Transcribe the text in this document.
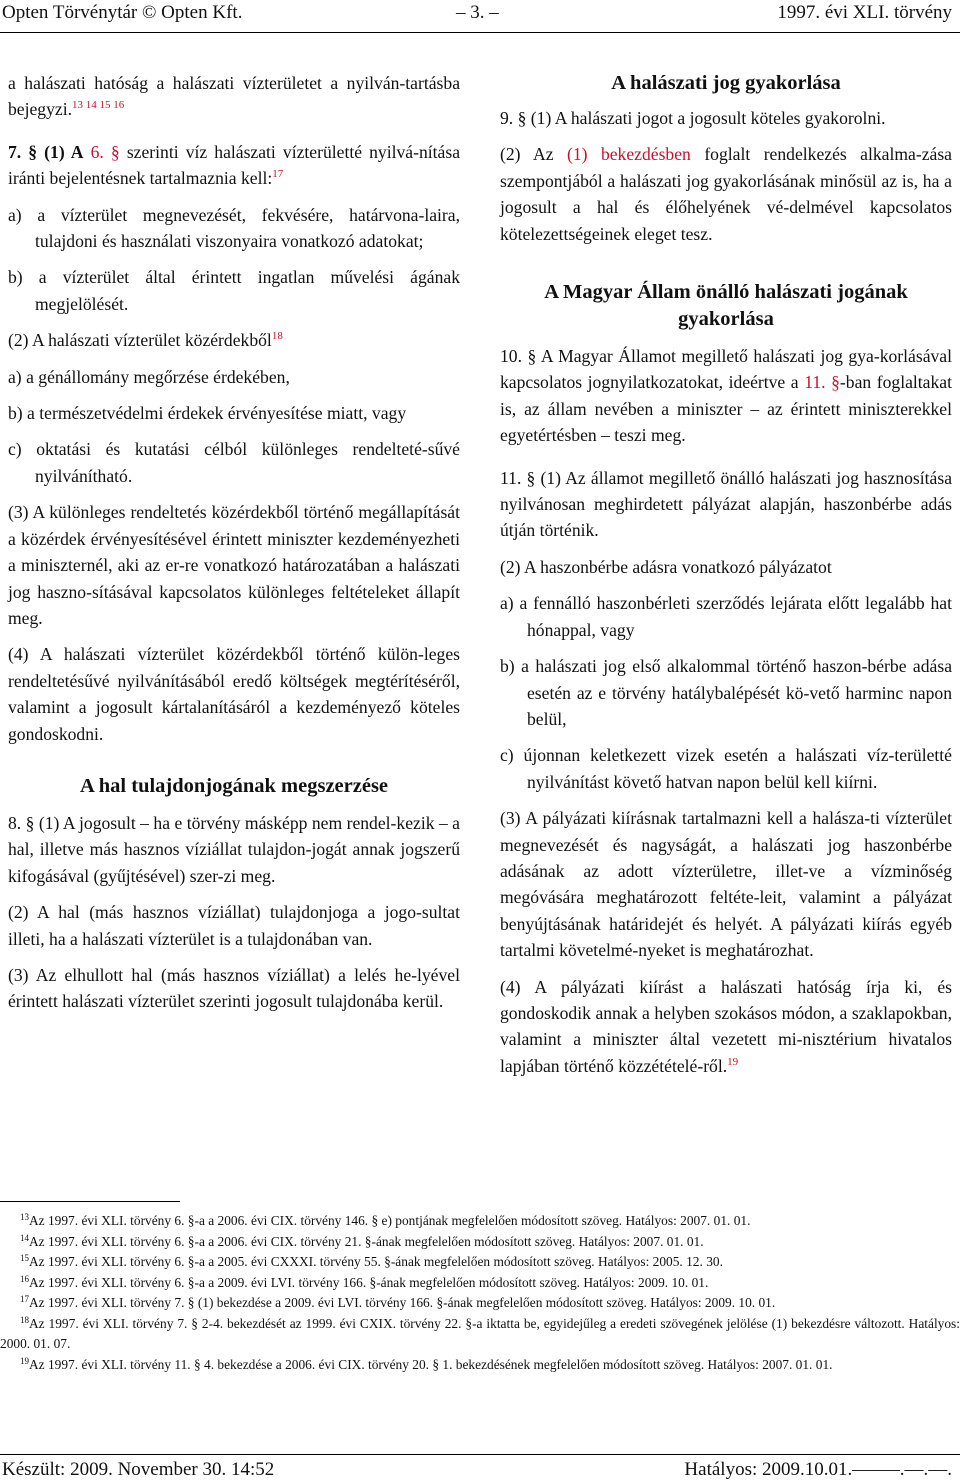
Opten Törvénytár © Opten Kft.	– 3. –	1997. évi XLI. törvény

a halászati hatóság a halászati vízterületet a nyilván-tartásba bejegyzi.$^{13 14 15 16}$

7. § (1) A 6. § szerinti víz halászati vízterületté nyilvá-nítása iránti bejelentésnek tartalmaznia kell:$^{17}$

a) a vízterület megnevezését, fekvésére, határvona-laira, tulajdoni és használati viszonyaira vonatkozó adatokat;

b) a vízterület által érintett ingatlan művelési ágának megjelölését.

(2) A halászati vízterület közérdekből$^{18}$

a) a génállomány megőrzése érdekében,

b) a természetvédelmi érdekek érvényesítése miatt, vagy

c) oktatási és kutatási célból különleges rendelteté-sűvé nyilvánítható.

(3) A különleges rendeltetés közérdekből történő megállapítását a közérdek érvényesítésével érintett miniszter kezdeményezheti a miniszternél, aki az er-re vonatkozó határozatában a halászati jog haszno-sításával kapcsolatos különleges feltételeket állapít meg.

(4) A halászati vízterület közérdekből történő külön-leges rendeltetésűvé nyilvánításából eredő költségek megtérítéséről, valamint a jogosult kártalanításáról a kezdeményező köteles gondoskodni.

A hal tulajdonjogának megszerzése

8. § (1) A jogosult – ha e törvény másképp nem rendel-kezik – a hal, illetve más hasznos víziállat tulajdon-jogát annak jogszerű kifogásával (gyűjtésével) szer-zi meg.

(2) A hal (más hasznos víziállat) tulajdonjoga a jogo-sultat illeti, ha a halászati vízterület is a tulajdonában van.

(3) Az elhullott hal (más hasznos víziállat) a lelés he-lyével érintett halászati vízterület szerinti jogosult tulajdonába kerül.

A halászati jog gyakorlása

9. § (1) A halászati jogot a jogosult köteles gyakorolni.

(2) Az (1) bekezdésben foglalt rendelkezés alkalma-zása szempontjából a halászati jog gyakorlásának minősül az is, ha a jogosult a hal és élőhelyének vé-delmével kapcsolatos kötelezettségeinek eleget tesz.

A Magyar Állam önálló halászati jogának gyakorlása

10. § A Magyar Államot megillető halászati jog gya-korlásával kapcsolatos jognyilatkozatokat, ideértve a 11. §-ban foglaltakat is, az állam nevében a miniszter – az érintett miniszterekkel egyetértésben – teszi meg.

11. § (1) Az államot megillető önálló halászati jog hasznosítása nyilvánosan meghirdetett pályázat alapján, haszonbérbe adás útján történik.

(2) A haszonbérbe adásra vonatkozó pályázatot

a) a fennálló haszonbérleti szerződés lejárata előtt legalább hat hónappal, vagy

b) a halászati jog első alkalommal történő haszon-bérbe adása esetén az e törvény hatálybalépését kö-vető harminc napon belül,

c) újonnan keletkezett vizek esetén a halászati víz-területté nyilvánítást követő hatvan napon belül kell kiírni.

(3) A pályázati kiírásnak tartalmazni kell a halásza-ti vízterület megnevezését és nagyságát, a halászati jog haszonbérbe adásának az adott vízterületre, illet-ve a vízminőség megóvására meghatározott feltéte-leit, valamint a pályázat benyújtásának határidejét és helyét. A pályázati kiírás egyéb tartalmi követelmé-nyeket is meghatározhat.

(4) A pályázati kiírást a halászati hatóság írja ki, és gondoskodik annak a helyben szokásos módon, a szaklapokban, valamint a miniszter által vezetett mi-nisztérium hivatalos lapjában történő közzétételé-ről.$^{19}$

$^{13}$Az 1997. évi XLI. törvény 6. §-a a 2006. évi CIX. törvény 146. § e) pontjának megfelelően módosított szöveg. Hatályos: 2007. 01. 01.

$^{14}$Az 1997. évi XLI. törvény 6. §-a a 2006. évi CIX. törvény 21. §-ának megfelelően módosított szöveg. Hatályos: 2007. 01. 01.

$^{15}$Az 1997. évi XLI. törvény 6. §-a a 2005. évi CXXXI. törvény 55. §-ának megfelelően módosított szöveg. Hatályos: 2005. 12. 30.

$^{16}$Az 1997. évi XLI. törvény 6. §-a a 2009. évi LVI. törvény 166. §-ának megfelelően módosított szöveg. Hatályos: 2009. 10. 01.

$^{17}$Az 1997. évi XLI. törvény 7. § (1) bekezdése a 2009. évi LVI. törvény 166. §-ának megfelelően módosított szöveg. Hatályos: 2009. 10. 01.

$^{18}$Az 1997. évi XLI. törvény 7. § 2-4. bekezdését az 1999. évi CXIX. törvény 22. §-a iktatta be, egyidejűleg a eredeti szövegének jelölése (1) bekezdésre változott. Hatályos: 2000. 01. 07.

$^{19}$Az 1997. évi XLI. törvény 11. § 4. bekezdése a 2006. évi CIX. törvény 20. § 1. bekezdésének megfelelően módosított szöveg. Hatályos: 2007. 01. 01.

Készült: 2009. November 30. 14:52	Hatályos: 2009.10.01.–––––.––.––.
